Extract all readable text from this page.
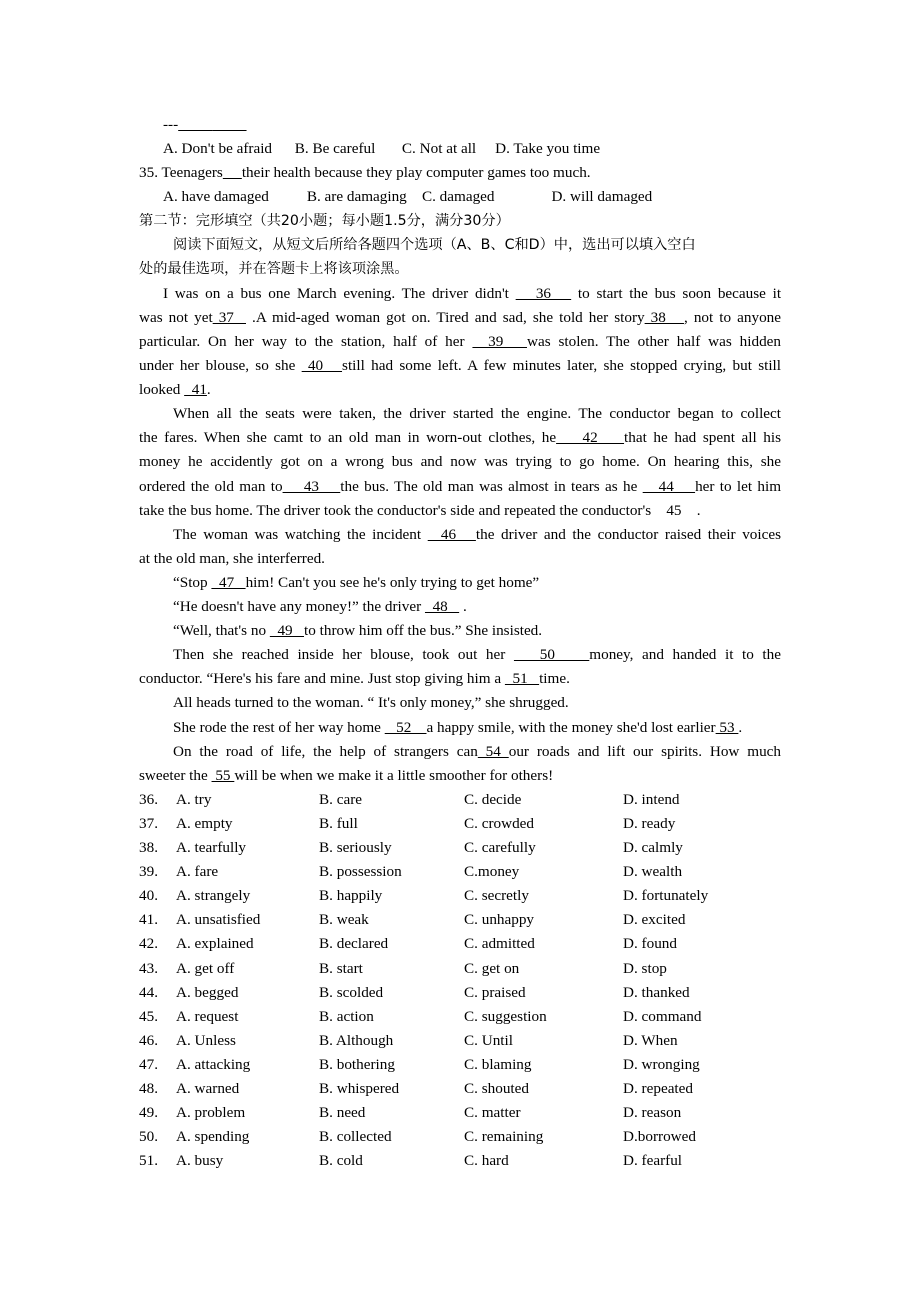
---
A. Don't be afraid      B. Be careful       C. Not at all     D. Take you time
35. Teenagers their health because they play computer games too much.
A. have damaged          B. are damaging    C. damaged               D. will damaged
第二节：完形填空（共20小题；每小题1.5分，满分30分）
阅读下面短文，从短文后所给各题四个选项（A、B、C和D）中，选出可以填入空白
处的最佳选项，并在答题卡上将该项涂黑。
I was on a bus one March evening. The driver didn't    36    to start the bus soon because it
was not yet 37   .A mid-aged woman got on. Tired and sad, she told her story 38   , not to anyone
particular. On her way to the station, half of her   39   was stolen. The other half was hidden
under her blouse, so she  40   still had some left. A few minutes later, she stopped crying, but still
looked   41.
When all the seats were taken, the driver started the engine. The conductor began to collect
the fares. When she camt to an old man in worn-out clothes, he    42    that he had spent all his
money he accidently got on a wrong bus and now was trying to go home. On hearing this, she
ordered the old man to    43    the bus. The old man was almost in tears as he    44    her to let him
take the bus home. The driver took the conductor's side and repeated the conductor's    45    .
The woman was watching the incident   46   the driver and the conductor raised their voices
at the old man, she interferred.
“Stop   47   him! Can't you see he's only trying to get home”
“He doesn't have any money!” the driver   48    .
“Well, that's no   49   to throw him off the bus.” She insisted.
Then she reached inside her blouse, took out her    50    money, and handed it to the
conductor. “Here's his fare and mine. Just stop giving him a   51   time.
All heads turned to the woman. “ It's only money,” she shrugged.
She rode the rest of her way home    52    a happy smile, with the money she'd lost earlier 53 .
On the road of life, the help of strangers can 54 our roads and lift our spirits. How much
sweeter the  55 will be when we make it a little smoother for others!
36. A. try	B. care	C. decide	D. intend
37. A. empty	B. full	C. crowded	D. ready
38. A. tearfully	B. seriously	C. carefully	D. calmly
39. A. fare	B. possession	C.money	D. wealth
40. A. strangely	B. happily	C. secretly	D. fortunately
41. A. unsatisfied	B. weak	C. unhappy	D. excited
42. A. explained	B. declared	C. admitted	D. found
43. A. get off	B. start	C. get on	D. stop
44. A. begged	B. scolded	C. praised	D. thanked
45. A. request	B. action	C. suggestion	D. command
46. A. Unless	B. Although	C. Until	D. When
47. A. attacking	B. bothering	C. blaming	D. wronging
48. A. warned	B. whispered	C. shouted	D. repeated
49. A. problem	B. need	C. matter	D. reason
50. A. spending	B. collected	C. remaining	D.borrowed
51. A. busy	B. cold	C. hard	D. fearful
